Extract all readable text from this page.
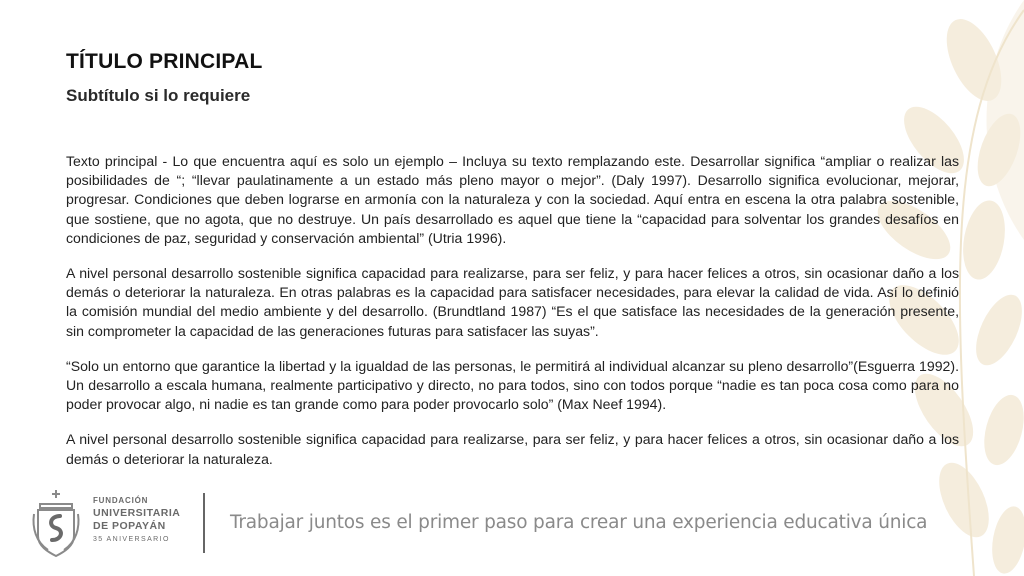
TÍTULO PRINCIPAL
Subtítulo si lo requiere

Texto principal - Lo que encuentra aquí es solo un ejemplo – Incluya su texto remplazando este. Desarrollar significa “ampliar o realizar las posibilidades de “; “llevar paulatinamente a un estado más pleno mayor o mejor”. (Daly 1997). Desarrollo significa evolucionar, mejorar, progresar. Condiciones que deben lograrse en armonía con la naturaleza y con la sociedad. Aquí entra en escena la otra palabra sostenible, que sostiene, que no agota, que no destruye. Un país desarrollado es aquel que tiene la “capacidad para solventar los grandes desafíos en condiciones de paz, seguridad y conservación ambiental” (Utria 1996).

A nivel personal desarrollo sostenible significa capacidad para realizarse, para ser feliz, y para hacer felices a otros, sin ocasionar daño a los demás o deteriorar la naturaleza. En otras palabras es la capacidad para satisfacer necesidades, para elevar la calidad de vida. Así lo definió la comisión mundial del medio ambiente y del desarrollo. (Brundtland 1987) “Es el que satisface las necesidades de la generación presente, sin comprometer la capacidad de las generaciones futuras para satisfacer las suyas”.

“Solo un entorno que garantice la libertad y la igualdad de las personas, le permitirá al individual alcanzar su pleno desarrollo”(Esguerra 1992). Un desarrollo a escala humana, realmente participativo y directo, no para todos, sino con todos porque “nadie es tan poca cosa como para no poder provocar algo, ni nadie es tan grande como para poder provocarlo solo” (Max Neef 1994).

A nivel personal desarrollo sostenible significa capacidad para realizarse, para ser feliz, y para hacer felices a otros, sin ocasionar daño a los demás o deteriorar la naturaleza.

FUNDACIÓN
UNIVERSITARIA
DE POPAYÁN
35 ANIVERSARIO
Trabajar juntos es el primer paso para crear una experiencia educativa única
